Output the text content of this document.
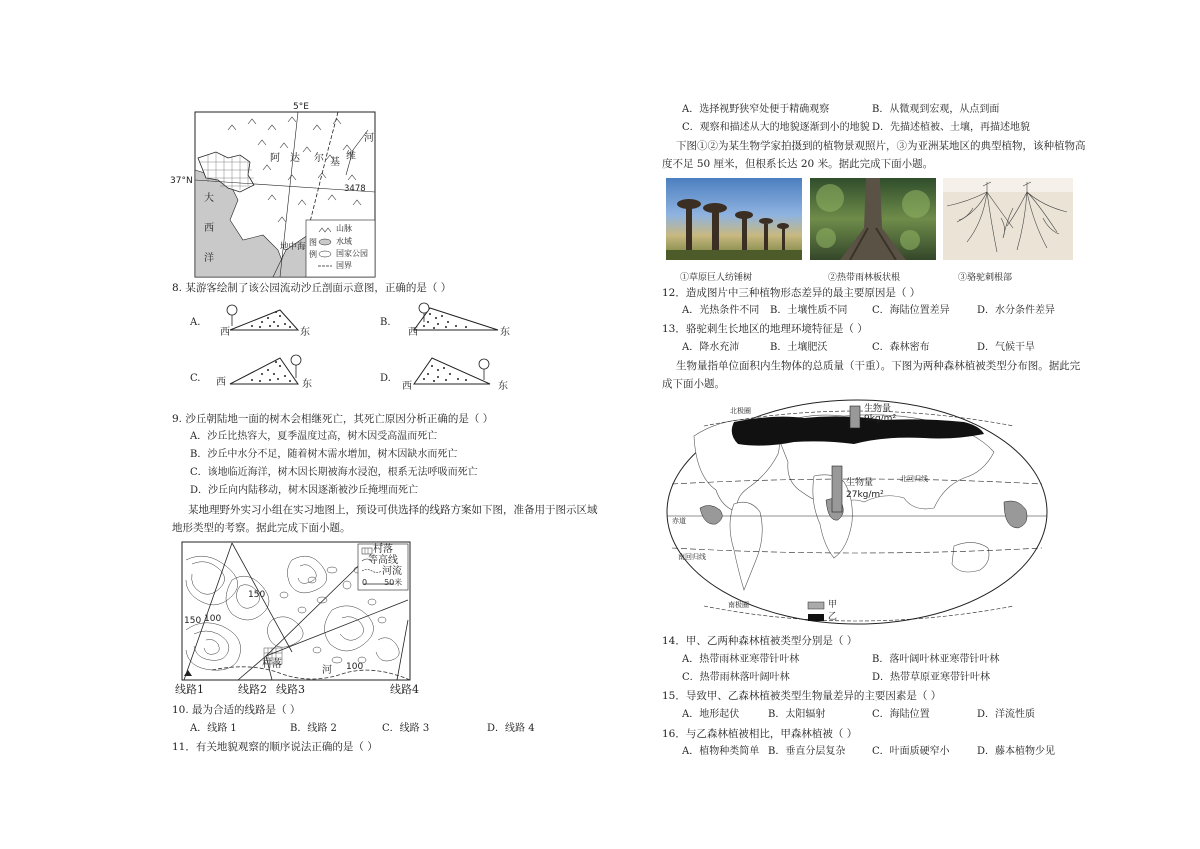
5°E
37°N
大
西
洋
地中海
阿 达 尔 基
维
河
3478
图
例
山脉
水域
国家公园
国界
8. 某游客绘制了该公园流动沙丘剖面示意图，正确的是（ ）
A.
西	东
B.
西	东
C. 西	东
D.
西	东
9. 沙丘朝陆地一面的树木会相继死亡，其死亡原因分析正确的是（ ）
A．沙丘比热容大，夏季温度过高，树木因受高温而死亡
B．沙丘中水分不足，随着树木需水增加，树木因缺水而死亡
C．该地临近海洋，树木因长期被海水浸泡，根系无法呼吸而死亡
D．沙丘向内陆移动，树木因逐渐被沙丘掩埋而死亡
某地理野外实习小组在实习地图上，预设可供选择的线路方案如下图，准备用于图示区域
地形类型的考察。据此完成下面小题。
村落
等高线
河流
0 50米
150
100
150
100
村落
河
线路1	线路2 线路3	线路4
10. 最为合适的线路是（ ）
A．线路 1	B．线路 2	C．线路 3	D．线路 4
11．有关地貌观察的顺序说法正确的是（ ）
A．选择视野狭窄处便于精确观察	B．从微观到宏观，从点到面
C．观察和描述从大的地貌逐渐到小的地貌 D．先描述植被、土壤，再描述地貌
下图①②为某生物学家拍摄到的植物景观照片，③为亚洲某地区的典型植物，该种植物高
度不足 50 厘米，但根系长达 20 米。据此完成下面小题。
①草原巨人纺锤树	②热带雨林板状根	③骆驼刺根部
12．造成图片中三种植物形态差异的最主要原因是（ ）
A．光热条件不同 B．土壤性质不同 C．海陆位置差异	D．水分条件差异
13．骆驼刺生长地区的地理环境特征是（ ）
A．降水充沛	B．土壤肥沃	C．森林密布	D．气候干旱
生物量指单位面积内生物体的总质量（干重）。下图为两种森林植被类型分布图。据此完
成下面小题。
生物量
9kg/m²
生物量
27kg/m²
北极圈
北回归线
赤道
南回归线
南极圈	甲
乙
14．甲、乙两种森林植被类型分别是（ ）
A．热带雨林亚寒带针叶林	B．落叶阔叶林亚寒带针叶林
C．热带雨林落叶阔叶林	D．热带草原亚寒带针叶林
15．导致甲、乙森林植被类型生物量差异的主要因素是（ ）
A．地形起伏	B．太阳辐射	C．海陆位置	D．洋流性质
16．与乙森林植被相比，甲森林植被（ ）
A．植物种类简单 B．垂直分层复杂	C．叶面质硬窄小	D．藤本植物少见
